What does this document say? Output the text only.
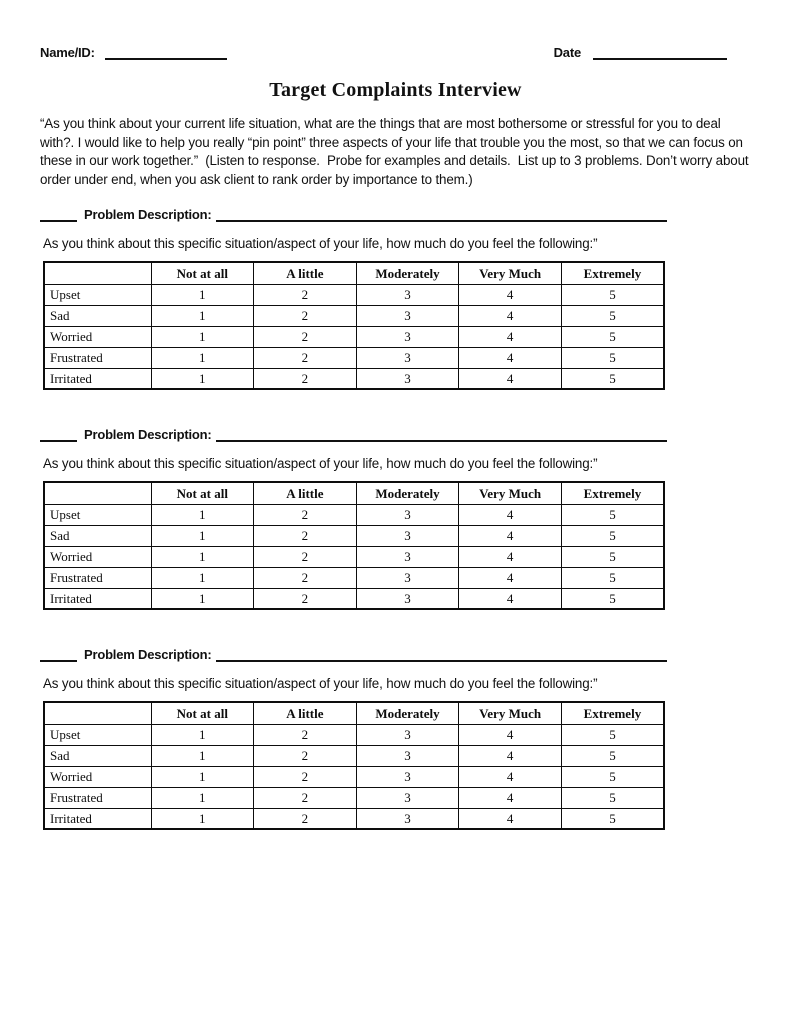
Name/ID:	Date
Target Complaints Interview

“As you think about your current life situation, what are the things that are most bothersome or stressful for you to deal with?. I would like to help you really “pin point” three aspects of your life that trouble you the most, so that we can focus on these in our work together.”  (Listen to response.  Probe for examples and details.  List up to 3 problems. Don’t worry about order under end, when you ask client to rank order by importance to them.)

Problem Description:

As you think about this specific situation/aspect of your life, how much do you feel the following:”

	Not at all	A little	Moderately	Very Much	Extremely
Upset	1	2	3	4	5
Sad	1	2	3	4	5
Worried	1	2	3	4	5
Frustrated	1	2	3	4	5
Irritated	1	2	3	4	5
Problem Description:

As you think about this specific situation/aspect of your life, how much do you feel the following:”

	Not at all	A little	Moderately	Very Much	Extremely
Upset	1	2	3	4	5
Sad	1	2	3	4	5
Worried	1	2	3	4	5
Frustrated	1	2	3	4	5
Irritated	1	2	3	4	5
Problem Description:

As you think about this specific situation/aspect of your life, how much do you feel the following:”

	Not at all	A little	Moderately	Very Much	Extremely
Upset	1	2	3	4	5
Sad	1	2	3	4	5
Worried	1	2	3	4	5
Frustrated	1	2	3	4	5
Irritated	1	2	3	4	5
